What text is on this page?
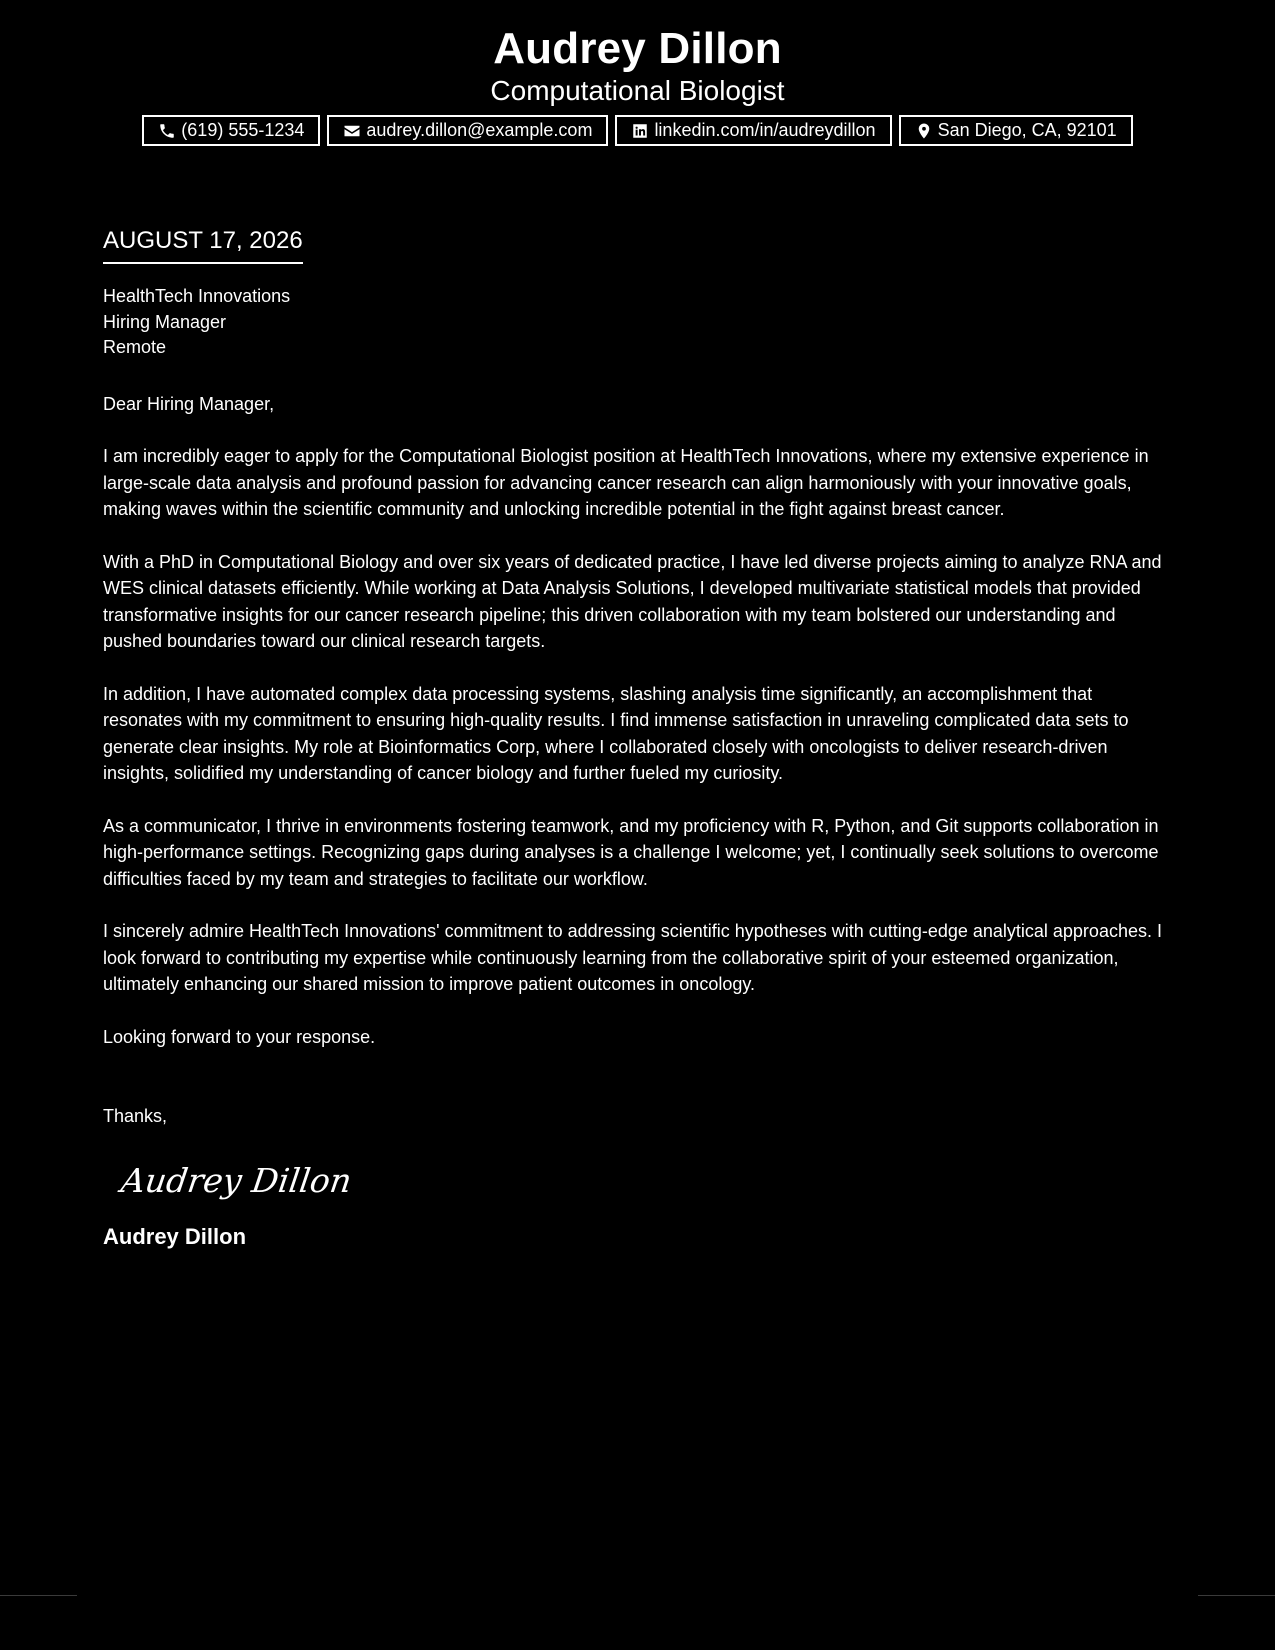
Audrey Dillon
Computational Biologist
(619) 555-1234	audrey.dillon@example.com	linkedin.com/in/audreydillon	San Diego, CA, 92101
AUGUST 17, 2026
HealthTech Innovations
Hiring Manager
Remote
Dear Hiring Manager,
I am incredibly eager to apply for the Computational Biologist position at HealthTech Innovations, where my extensive experience in large-scale data analysis and profound passion for advancing cancer research can align harmoniously with your innovative goals, making waves within the scientific community and unlocking incredible potential in the fight against breast cancer.
With a PhD in Computational Biology and over six years of dedicated practice, I have led diverse projects aiming to analyze RNA and WES clinical datasets efficiently. While working at Data Analysis Solutions, I developed multivariate statistical models that provided transformative insights for our cancer research pipeline; this driven collaboration with my team bolstered our understanding and pushed boundaries toward our clinical research targets.
In addition, I have automated complex data processing systems, slashing analysis time significantly, an accomplishment that resonates with my commitment to ensuring high-quality results. I find immense satisfaction in unraveling complicated data sets to generate clear insights. My role at Bioinformatics Corp, where I collaborated closely with oncologists to deliver research-driven insights, solidified my understanding of cancer biology and further fueled my curiosity.
As a communicator, I thrive in environments fostering teamwork, and my proficiency with R, Python, and Git supports collaboration in high-performance settings. Recognizing gaps during analyses is a challenge I welcome; yet, I continually seek solutions to overcome difficulties faced by my team and strategies to facilitate our workflow.
I sincerely admire HealthTech Innovations' commitment to addressing scientific hypotheses with cutting-edge analytical approaches. I look forward to contributing my expertise while continuously learning from the collaborative spirit of your esteemed organization, ultimately enhancing our shared mission to improve patient outcomes in oncology.
Looking forward to your response.
Thanks,
Audrey Dillon
Audrey Dillon
